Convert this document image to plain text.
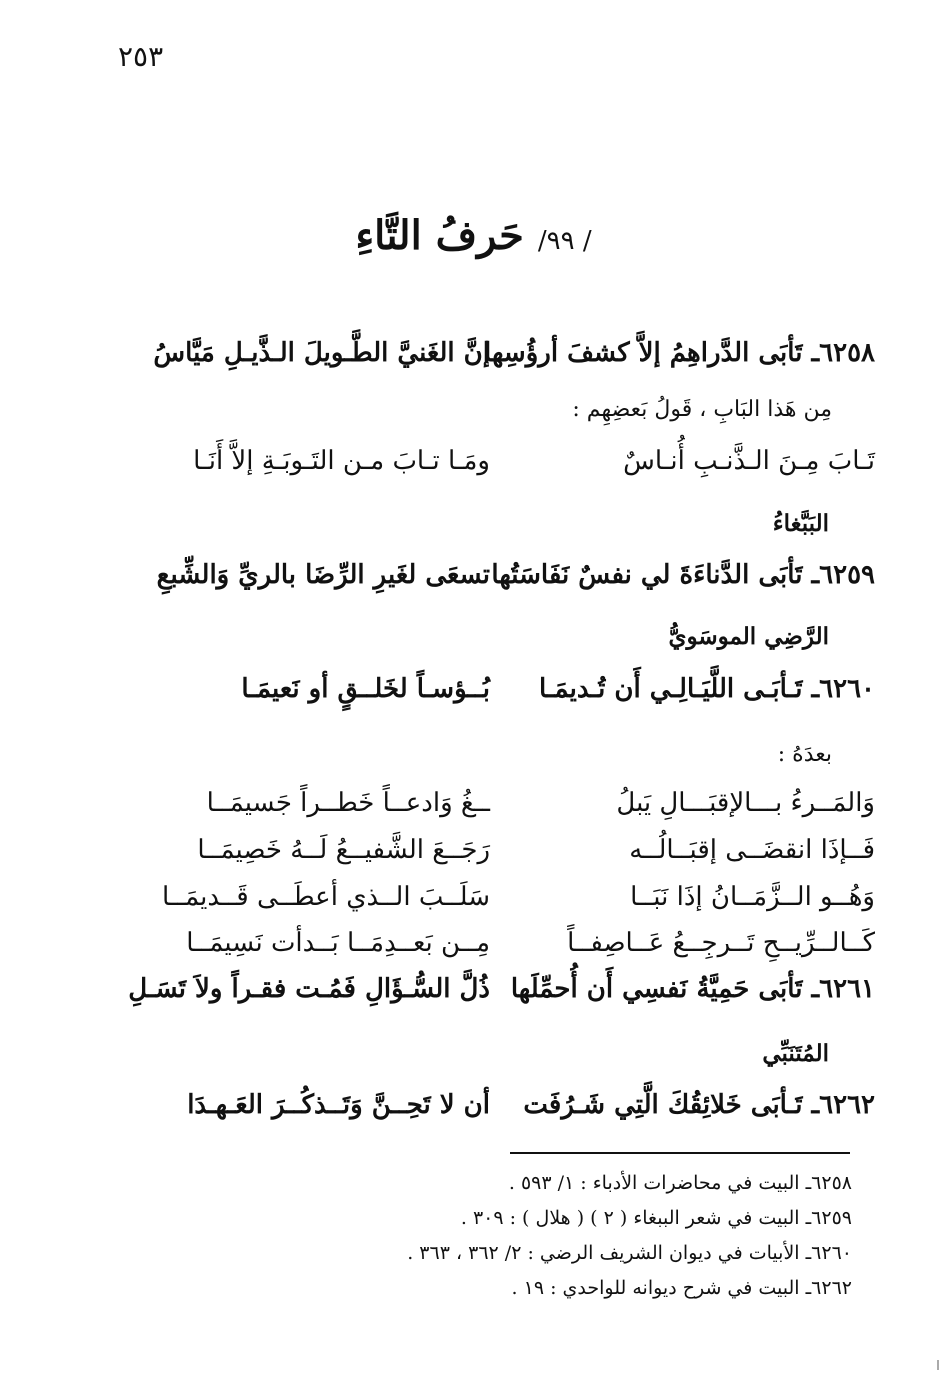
٢٥٣
/ ٩٩/حَرفُ التَّاءِ
٦٢٥٨ـ تَأبَى الدَّراهِمُ إلاَّ كشفَ أرؤُسِها
إنَّ الغَنيَّ الطَّـويلَ الـذَّيـلِ مَيَّاسُ
مِن هَذا البَابِ ، قَولُ بَعضِهِم :
تَـابَ مِـنَ الـذَّنـبِ أُنـاسٌ
ومَـا تـابَ مـن التَـوبَـةِ إلاَّ أَنَـا
البَبَّغاءُ
٦٢٥٩ـ تَأبَى الدَّناءَةَ لي نفسٌ نَفَاسَتُها
تسعَى لغَيرِ الرِّضَا بالريِّ وَالشِّبعِ
الرَّضِي الموسَويُّ
٦٢٦٠ـ تَـأبَـى اللَّيَـالِـي أَن تُـديمَـا
بُــؤسـاً لخَلــقٍ أو نَعيمَـا
بعدَهُ :
وَالمَــرءُ بـــالإقبَـــالِ يَبلُ
ــغُ وَادعــاً خَطــراً جَسيمَــا
فَــإذَا انقضَــى إقبَــالُــه
رَجَــعَ الشَّفيــعُ لَــهُ خَصِيمَــا
وَهُــو الــزَّمَــانُ إذَا نَبَــا
سَلَــبَ الــذي أعطَــى قَــديمَــا
كَــالــرِّيــحِ تَــرجِــعُ عَــاصِفــاً
مِــن بَعــدِمَــا بَــدأت نَسِيمَــا
٦٢٦١ـ تَأبَى حَمِيَّةُ نَفسِي أَن أُحمِّلَها
ذُلَّ السُّـؤَالِ فَمُـت فقـراً ولاَ تَسَـلِ
المُتَنَبِّي
٦٢٦٢ـ تَـأبَى خَلائِقُكَ الَّتِي شَـرُفَت
أن لا تَحِــنَّ وَتَــذكُــرَ العَـهـدَا
٦٢٥٨ـ البيت في محاضرات الأدباء : ١/ ٥٩٣ .
٦٢٥٩ـ البيت في شعر الببغاء ( ٢ ) ( هلال ) : ٣٠٩ .
٦٢٦٠ـ الأبيات في ديوان الشريف الرضي : ٢/ ٣٦٢ ، ٣٦٣ .
٦٢٦٢ـ البيت في شرح ديوانه للواحدي : ١٩ .
